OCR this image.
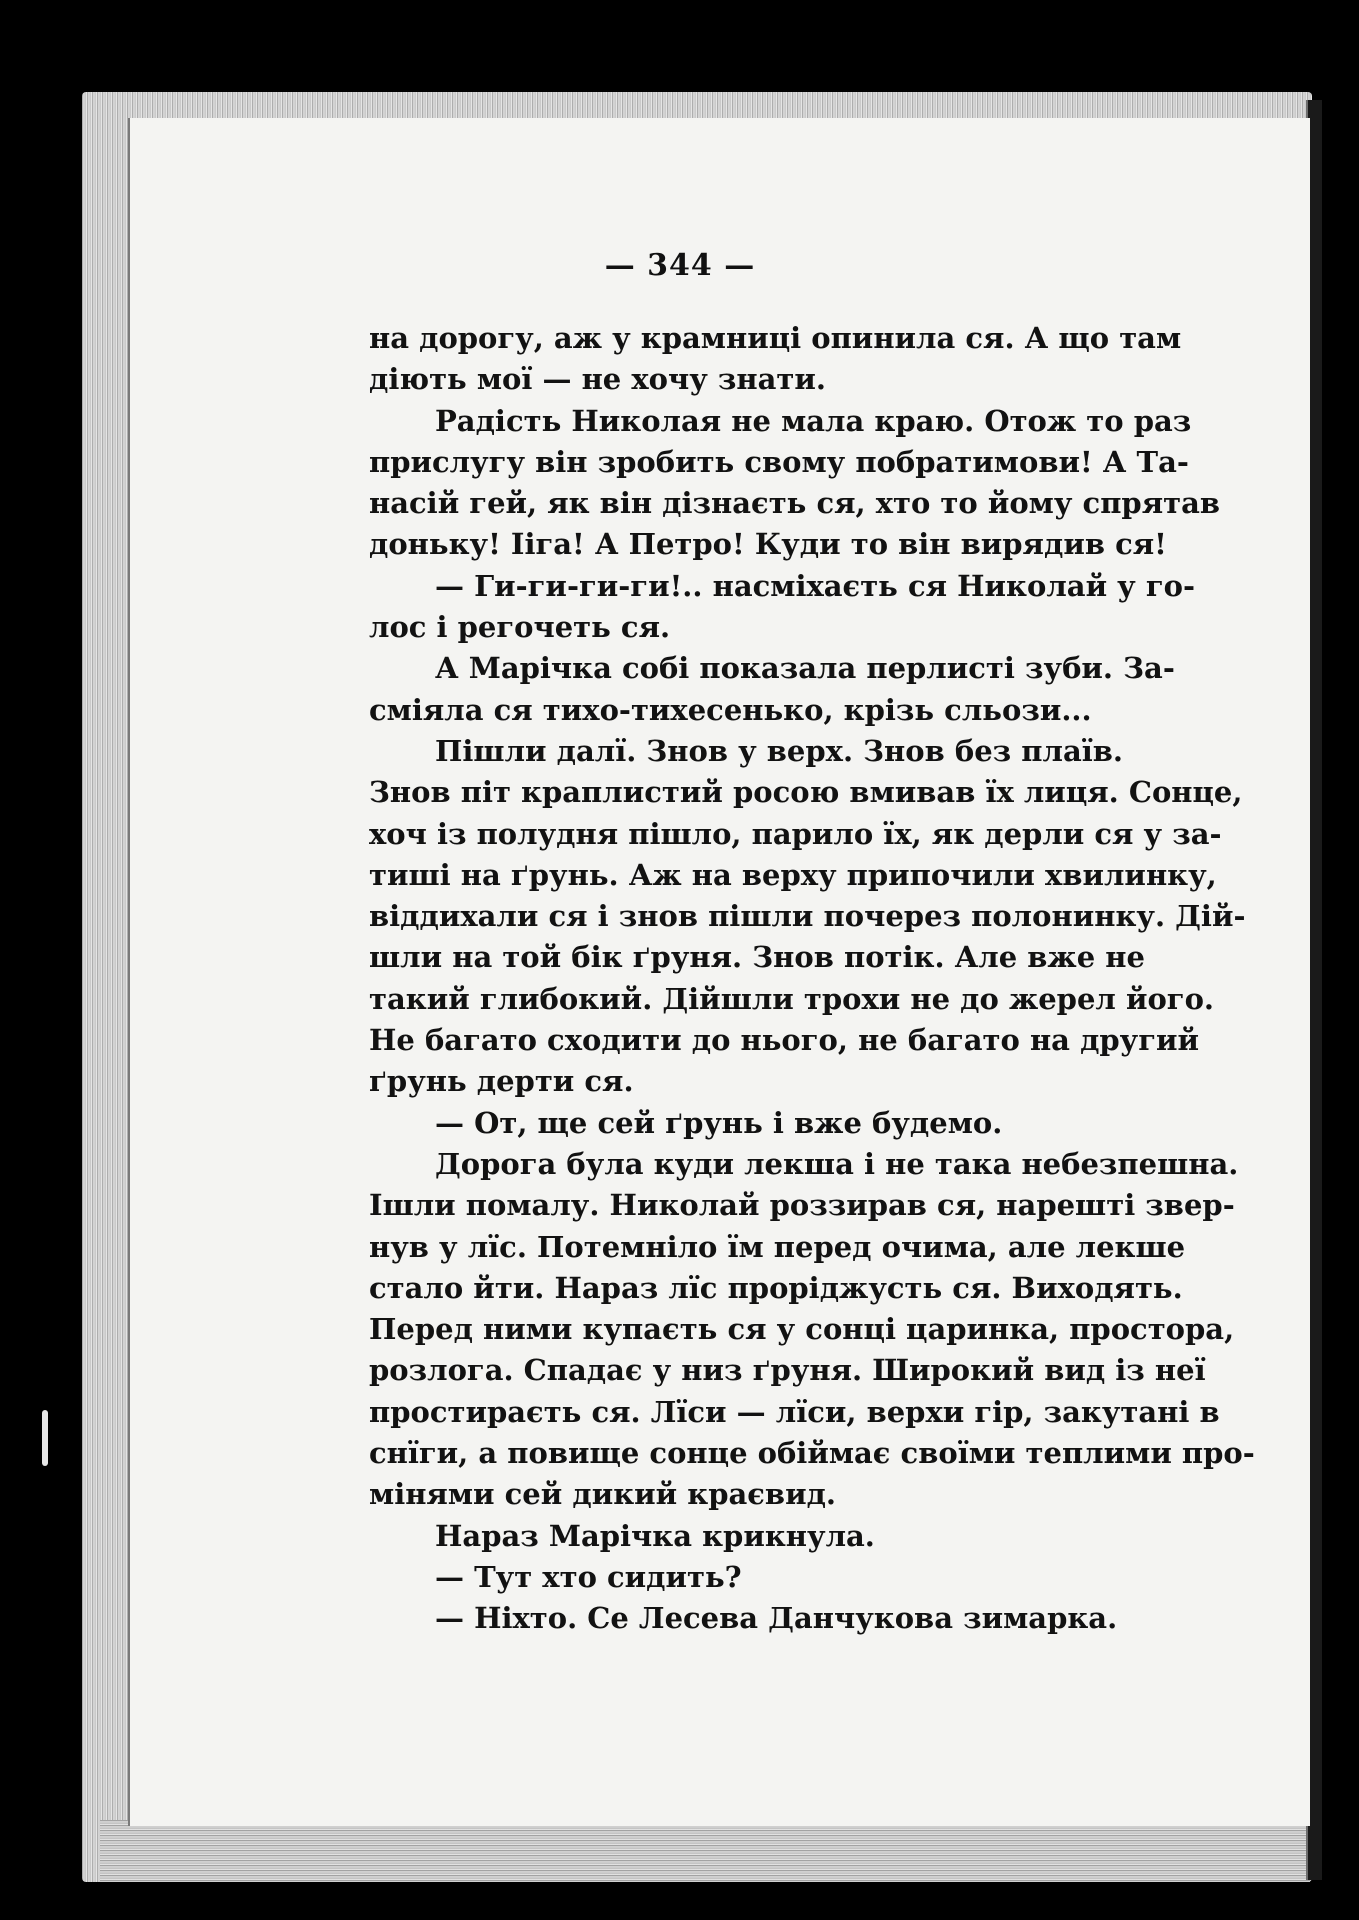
— 344 —
на дорогу, аж у крамниці опинила ся. А що там
діють мої — не хочу знати.
Радість Николая не мала краю. Отож то раз
прислугу він зробить свому побратимови! А Та-
насій гей, як він дізнаєть ся, хто то йому спрятав
доньку! Ііга! А Петро! Куди то він вирядив ся!
— Ги-ги-ги-ги!.. насміхаєть ся Николай у го-
лос і регочеть ся.
А Марічка собі показала перлисті зуби. За-
сміяла ся тихо-тихесенько, крізь сльози...
Пішли далї. Знов у верх. Знов без плаїв.
Знов піт краплистий росою вмивав їх лиця. Сонце,
хоч із полудня пішло, парило їх, як дерли ся у за-
тиші на ґрунь. Аж на верху припочили хвилинку,
віддихали ся і знов пішли почерез полонинку. Дій-
шли на той бік ґруня. Знов потік. Але вже не
такий глибокий. Дійшли трохи не до жерел його.
Не багато сходити до нього, не багато на другий
ґрунь дерти ся.
— От, ще сей ґрунь і вже будемо.
Дорога була куди лекша і не така небезпешна.
Ішли помалу. Николай роззирав ся, нарешті звер-
нув у лїс. Потемніло їм перед очима, але лекше
стало йти. Нараз лїс проріджусть ся. Виходять.
Перед ними купаєть ся у сонці царинка, простора,
розлога. Спадає у низ ґруня. Широкий вид із неї
простираєть ся. Лїси — лїси, верхи гір, закутані в
снїги, а повище сонце обіймає своїми теплими про-
мінями сей дикий краєвид.
Нараз Марічка крикнула.
— Тут хто сидить?
— Ніхто. Се Лесева Данчукова зимарка.
